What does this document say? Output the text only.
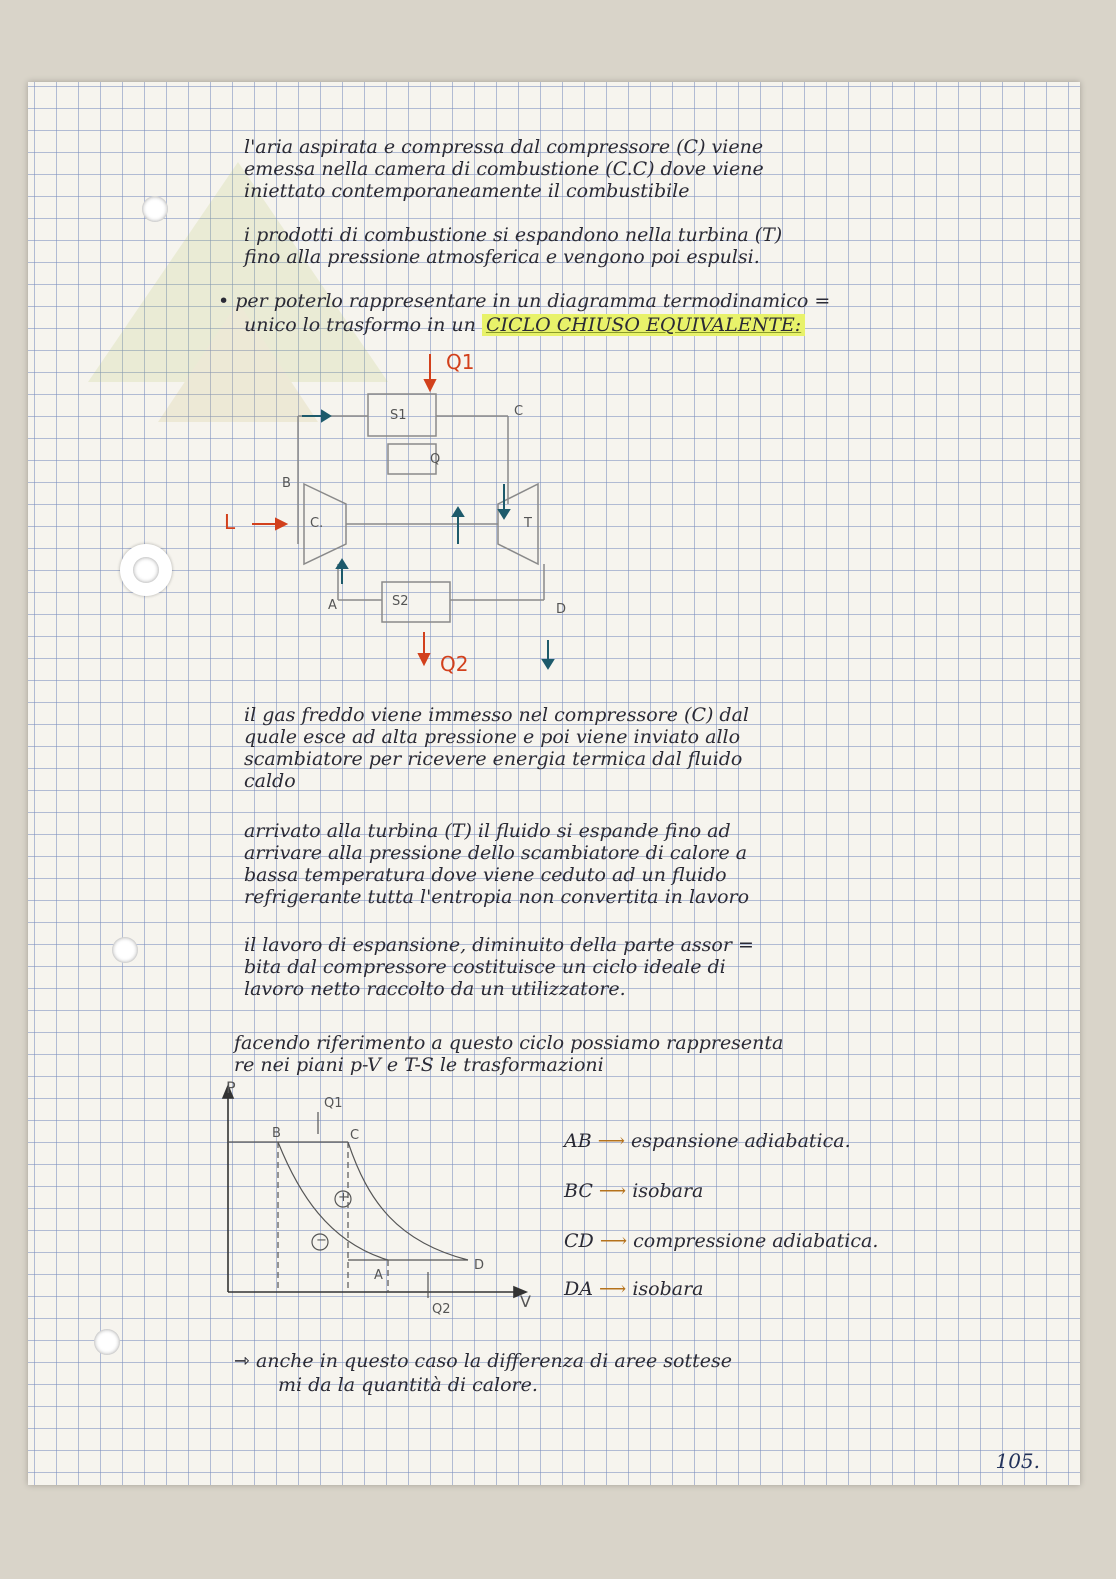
l'aria aspirata e compressa dal compressore (C) viene
emessa nella camera di combustione (C.C) dove viene
iniettato contemporaneamente il combustibile
i prodotti di combustione si espandono nella turbina (T)
fino alla pressione atmosferica e vengono poi espulsi.
• per poterlo rappresentare in un diagramma termodinamico =
unico lo trasformo in un CICLO CHIUSO EQUIVALENTE:
Q1
Q2
L
S1
S2
Q
C
T
C.
B
A	D
il gas freddo viene immesso nel compressore (C) dal
quale esce ad alta pressione e poi viene inviato allo
scambiatore per ricevere energia termica dal fluido
caldo
arrivato alla turbina (T) il fluido si espande fino ad
arrivare alla pressione dello scambiatore di calore a
bassa temperatura dove viene ceduto ad un fluido
refrigerante tutta l'entropia non convertita in lavoro
il lavoro di espansione, diminuito della parte assor =
bita dal compressore costituisce un ciclo ideale di
lavoro netto raccolto da un utilizzatore.
facendo riferimento a questo ciclo possiamo rappresenta
re nei piani p-V e T-S le trasformazioni
P
V
Q1
Q2
B	C
D
A
+
−
AB ⟶ espansione adiabatica.
BC ⟶ isobara
CD ⟶ compressione adiabatica.
DA ⟶ isobara
⇾ anche in questo caso la differenza di aree sottese
mi da la quantità di calore.
105.
